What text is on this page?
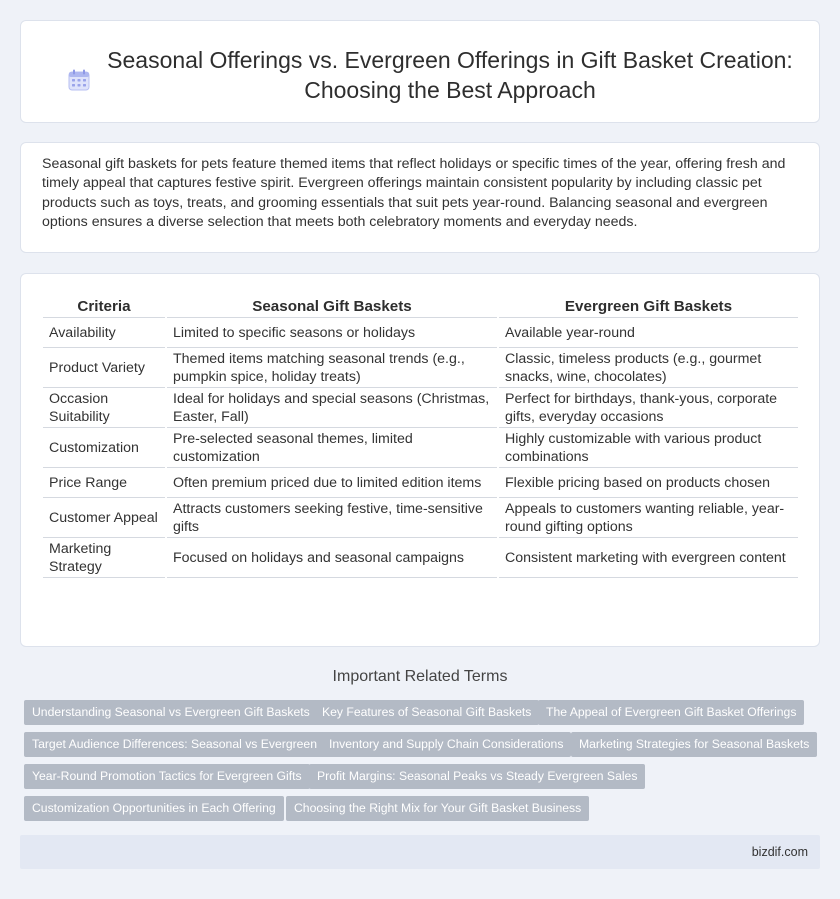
Seasonal Offerings vs. Evergreen Offerings in Gift Basket Creation: Choosing the Best Approach

Seasonal gift baskets for pets feature themed items that reflect holidays or specific times of the year, offering fresh and timely appeal that captures festive spirit. Evergreen offerings maintain consistent popularity by including classic pet products such as toys, treats, and grooming essentials that suit pets year-round. Balancing seasonal and evergreen options ensures a diverse selection that meets both celebratory moments and everyday needs.

Criteria	Seasonal Gift Baskets	Evergreen Gift Baskets
Availability	Limited to specific seasons or holidays	Available year-round
Product Variety	Themed items matching seasonal trends (e.g., pumpkin spice, holiday treats)	Classic, timeless products (e.g., gourmet snacks, wine, chocolates)
Occasion Suitability	Ideal for holidays and special seasons (Christmas, Easter, Fall)	Perfect for birthdays, thank-yous, corporate gifts, everyday occasions
Customization	Pre-selected seasonal themes, limited customization	Highly customizable with various product combinations
Price Range	Often premium priced due to limited edition items	Flexible pricing based on products chosen
Customer Appeal	Attracts customers seeking festive, time-sensitive gifts	Appeals to customers wanting reliable, year-round gifting options
Marketing Strategy	Focused on holidays and seasonal campaigns	Consistent marketing with evergreen content
Important Related Terms
Understanding Seasonal vs Evergreen Gift Baskets	Key Features of Seasonal Gift Baskets	The Appeal of Evergreen Gift Basket Offerings
Target Audience Differences: Seasonal vs Evergreen Inventory and Supply Chain Considerations	Marketing Strategies for Seasonal Baskets
Year-Round Promotion Tactics for Evergreen Gifts	Profit Margins: Seasonal Peaks vs Steady Evergreen Sales
Customization Opportunities in Each Offering	Choosing the Right Mix for Your Gift Basket Business
bizdif.com
